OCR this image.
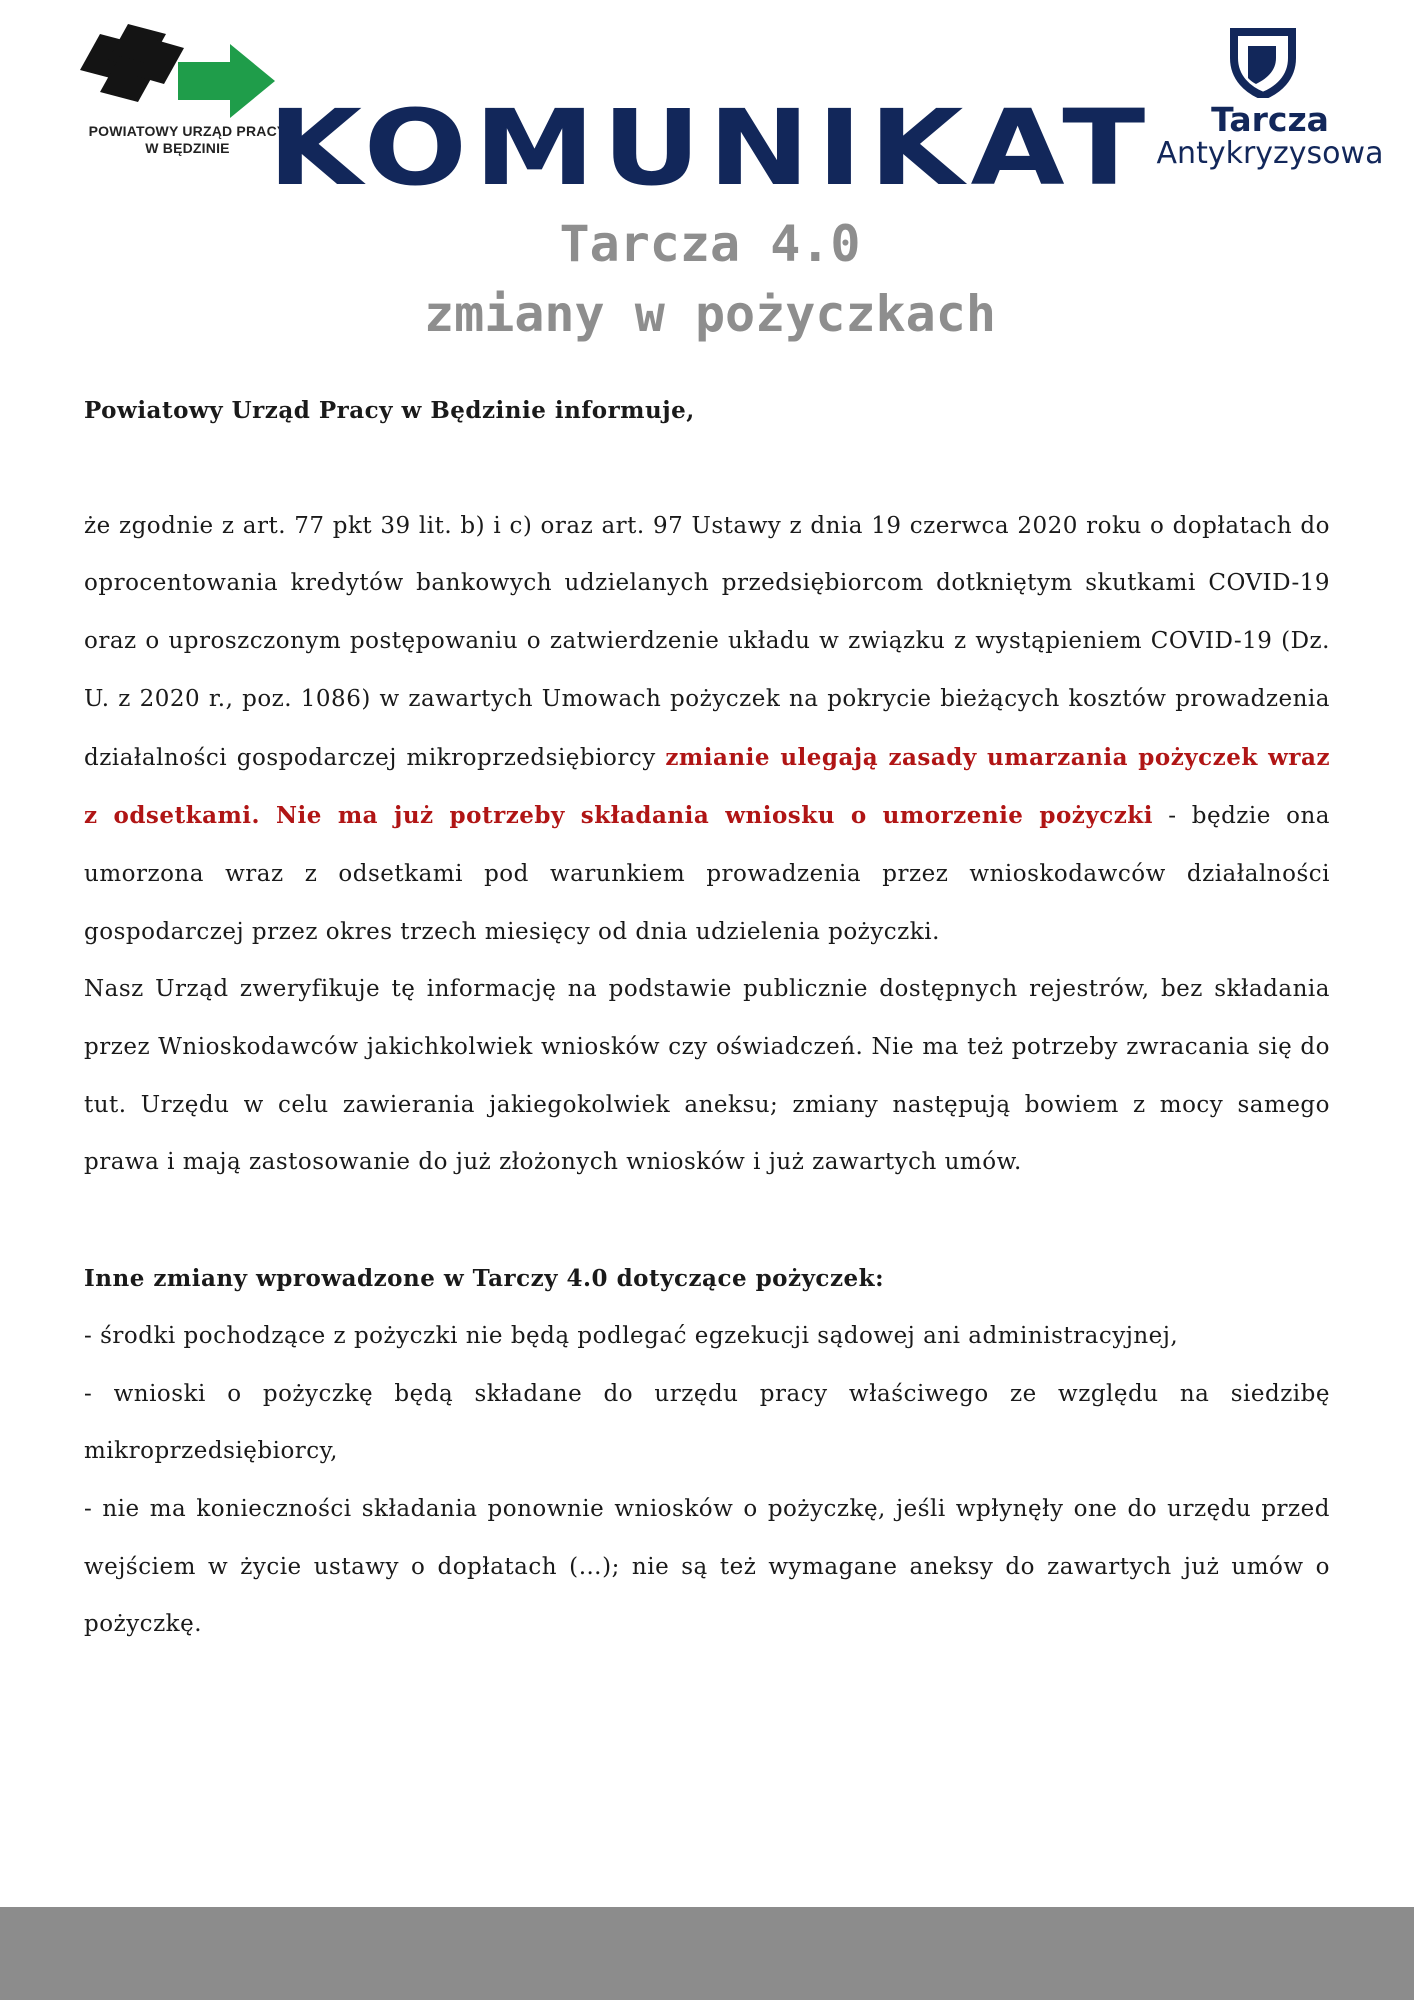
POWIATOWY URZĄD PRACY
W BĘDZINIE
Tarcza
Antykryzysowa
KOMUNIKAT
Tarcza 4.0
zmiany w pożyczkach

Powiatowy Urząd Pracy w Będzinie informuje,

że zgodnie z art. 77 pkt 39 lit. b) i c) oraz art. 97 Ustawy z dnia 19 czerwca 2020 roku o dopłatach do oprocentowania kredytów bankowych udzielanych przedsiębiorcom dotkniętym skutkami COVID-19 oraz o uproszczonym postępowaniu o zatwierdzenie układu w związku z wystąpieniem COVID-19 (Dz. U. z 2020 r., poz. 1086) w zawartych Umowach pożyczek na pokrycie bieżących kosztów prowadzenia działalności gospodarczej mikroprzedsiębiorcy zmianie ulegają zasady umarzania pożyczek wraz z odsetkami. Nie ma już potrzeby składania wniosku o umorzenie pożyczki - będzie ona umorzona wraz z odsetkami pod warunkiem prowadzenia przez wnioskodawców działalności gospodarczej przez okres trzech miesięcy od dnia udzielenia pożyczki.

Nasz Urząd zweryfikuje tę informację na podstawie publicznie dostępnych rejestrów, bez składania przez Wnioskodawców jakichkolwiek wniosków czy oświadczeń. Nie ma też potrzeby zwracania się do tut. Urzędu w celu zawierania jakiegokolwiek aneksu; zmiany następują bowiem z mocy samego prawa i mają zastosowanie do już złożonych wniosków i już zawartych umów.

Inne zmiany wprowadzone w Tarczy 4.0 dotyczące pożyczek:

- środki pochodzące z pożyczki nie będą podlegać egzekucji sądowej ani administracyjnej,

- wnioski o pożyczkę będą składane do urzędu pracy właściwego ze względu na siedzibę mikroprzedsiębiorcy,

- nie ma konieczności składania ponownie wniosków o pożyczkę, jeśli wpłynęły one do urzędu przed wejściem w życie ustawy o dopłatach (…); nie są też wymagane aneksy do zawartych już umów o pożyczkę.
